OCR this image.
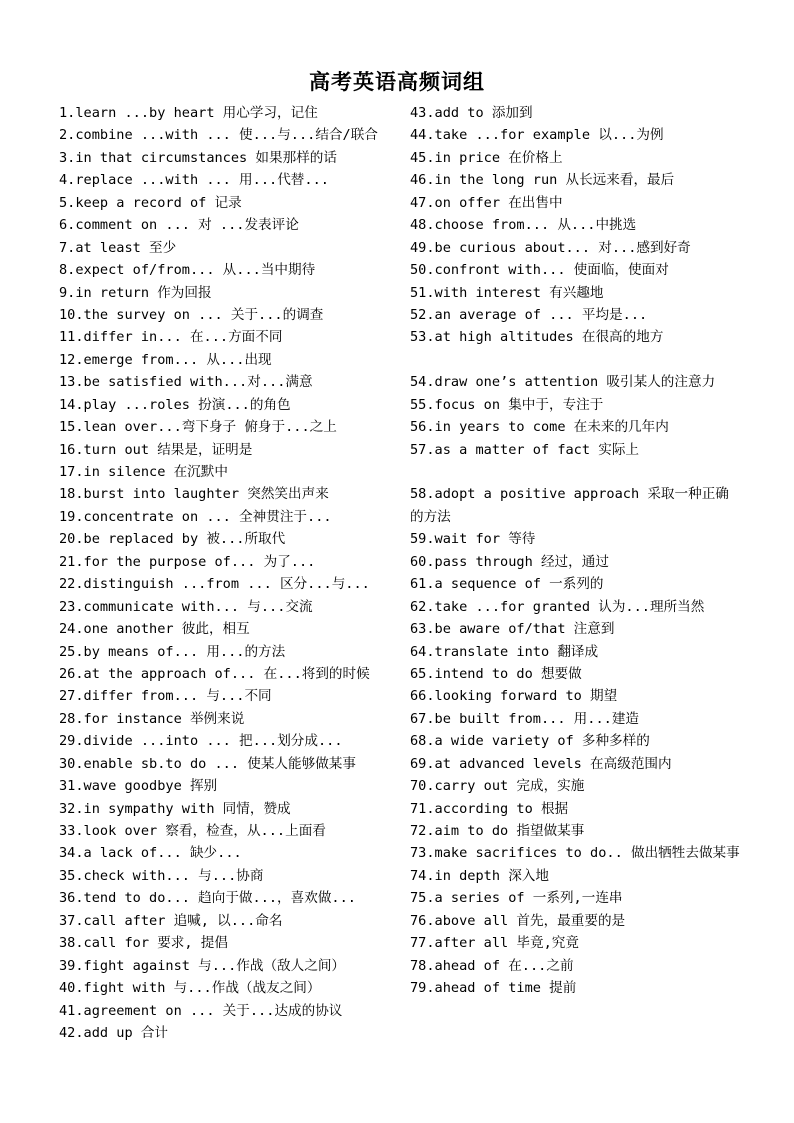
高考英语高频词组
1.learn ...by heart 用心学习，记住
2.combine ...with ... 使...与...结合/联合
3.in that circumstances 如果那样的话
4.replace ...with ... 用...代替...
5.keep a record of 记录
6.comment on ... 对 ...发表评论
7.at least 至少
8.expect of/from... 从...当中期待
9.in return 作为回报
10.the survey on ... 关于...的调查
11.differ in... 在...方面不同
12.emerge from... 从...出现
13.be satisfied with...对...满意
14.play ...roles 扮演...的角色
15.lean over...弯下身子 俯身于...之上
16.turn out 结果是，证明是
17.in silence 在沉默中
18.burst into laughter 突然笑出声来
19.concentrate on ... 全神贯注于...
20.be replaced by 被...所取代
21.for the purpose of... 为了...
22.distinguish ...from ... 区分...与...
23.communicate with... 与...交流
24.one another 彼此，相互
25.by means of... 用...的方法
26.at the approach of... 在...将到的时候
27.differ from... 与...不同
28.for instance 举例来说
29.divide ...into ... 把...划分成...
30.enable sb.to do ... 使某人能够做某事
31.wave goodbye 挥别
32.in sympathy with 同情，赞成
33.look over 察看，检查，从...上面看
34.a lack of... 缺少...
35.check with... 与...协商
36.tend to do... 趋向于做...，喜欢做...
37.call after 追喊, 以...命名
38.call for 要求, 提倡
39.fight against 与...作战（敌人之间）
40.fight with 与...作战（战友之间）
41.agreement on ... 关于...达成的协议
42.add up 合计
43.add to 添加到
44.take ...for example 以...为例
45.in price 在价格上
46.in the long run 从长远来看，最后
47.on offer 在出售中
48.choose from... 从...中挑选
49.be curious about... 对...感到好奇
50.confront with... 使面临，使面对
51.with interest 有兴趣地
52.an average of ... 平均是...
53.at high altitudes 在很高的地方
54.draw one’s attention 吸引某人的注意力
55.focus on 集中于，专注于
56.in years to come 在未来的几年内
57.as a matter of fact 实际上
58.adopt a positive approach 采取一种正确的方法
59.wait for 等待
60.pass through 经过，通过
61.a sequence of 一系列的
62.take ...for granted 认为...理所当然
63.be aware of/that 注意到
64.translate into 翻译成
65.intend to do 想要做
66.looking forward to 期望
67.be built from... 用...建造
68.a wide variety of 多种多样的
69.at advanced levels 在高级范围内
70.carry out 完成，实施
71.according to 根据
72.aim to do 指望做某事
73.make sacrifices to do.. 做出牺牲去做某事
74.in depth 深入地
75.a series of 一系列,一连串
76.above all 首先，最重要的是
77.after all 毕竟,究竟
78.ahead of 在...之前
79.ahead of time 提前
